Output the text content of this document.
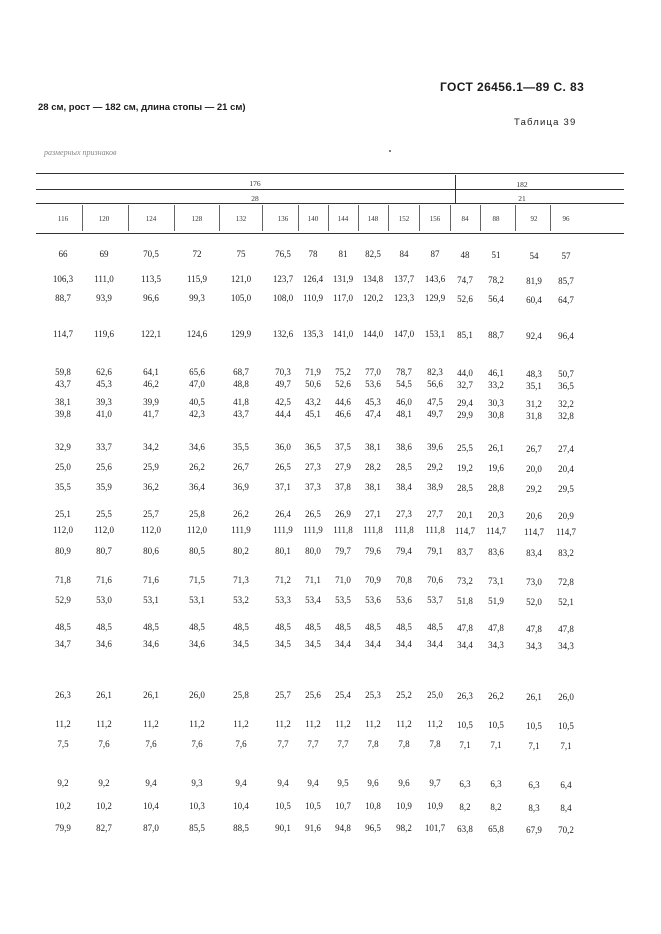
ГОСТ 26456.1—89 С. 83
28 см, рост — 182 см, длина стопы — 21 см)
Таблица 39
размерных признаков
176	182
28	21
116	120	124	128	132	136	140	144	148	152	156	84	88	92	96
66	69	70,5	72	75	76,5	78	81	82,5	84	87	48	51	54	57
106,3	111,0	113,5	115,9	121,0	123,7	126,4	131,9	134,8	137,7	143,6	74,7	78,2	81,9	85,7
88,7	93,9	96,6	99,3	105,0	108,0	110,9	117,0	120,2	123,3	129,9	52,6	56,4	60,4	64,7
114,7	119,6	122,1	124,6	129,9	132,6	135,3	141,0	144,0	147,0	153,1	85,1	88,7	92,4	96,4
59,8	62,6	64,1	65,6	68,7	70,3	71,9	75,2	77,0	78,7	82,3	44,0	46,1	48,3	50,7
43,7	45,3	46,2	47,0	48,8	49,7	50,6	52,6	53,6	54,5	56,6	32,7	33,2	35,1	36,5
38,1	39,3	39,9	40,5	41,8	42,5	43,2	44,6	45,3	46,0	47,5	29,4	30,3	31,2	32,2
39,8	41,0	41,7	42,3	43,7	44,4	45,1	46,6	47,4	48,1	49,7	29,9	30,8	31,8	32,8
32,9	33,7	34,2	34,6	35,5	36,0	36,5	37,5	38,1	38,6	39,6	25,5	26,1	26,7	27,4
25,0	25,6	25,9	26,2	26,7	26,5	27,3	27,9	28,2	28,5	29,2	19,2	19,6	20,0	20,4
35,5	35,9	36,2	36,4	36,9	37,1	37,3	37,8	38,1	38,4	38,9	28,5	28,8	29,2	29,5
25,1	25,5	25,7	25,8	26,2	26,4	26,5	26,9	27,1	27,3	27,7	20,1	20,3	20,6	20,9
112,0	112,0	112,0	112,0	111,9	111,9	111,9	111,8	111,8	111,8	111,8	114,7	114,7	114,7	114,7
80,9	80,7	80,6	80,5	80,2	80,1	80,0	79,7	79,6	79,4	79,1	83,7	83,6	83,4	83,2
71,8	71,6	71,6	71,5	71,3	71,2	71,1	71,0	70,9	70,8	70,6	73,2	73,1	73,0	72,8
52,9	53,0	53,1	53,1	53,2	53,3	53,4	53,5	53,6	53,6	53,7	51,8	51,9	52,0	52,1
48,5	48,5	48,5	48,5	48,5	48,5	48,5	48,5	48,5	48,5	48,5	47,8	47,8	47,8	47,8
34,7	34,6	34,6	34,6	34,5	34,5	34,5	34,4	34,4	34,4	34,4	34,4	34,3	34,3	34,3
26,3	26,1	26,1	26,0	25,8	25,7	25,6	25,4	25,3	25,2	25,0	26,3	26,2	26,1	26,0
11,2	11,2	11,2	11,2	11,2	11,2	11,2	11,2	11,2	11,2	11,2	10,5	10,5	10,5	10,5
7,5	7,6	7,6	7,6	7,6	7,7	7,7	7,7	7,8	7,8	7,8	7,1	7,1	7,1	7,1
9,2	9,2	9,4	9,3	9,4	9,4	9,4	9,5	9,6	9,6	9,7	6,3	6,3	6,3	6,4
10,2	10,2	10,4	10,3	10,4	10,5	10,5	10,7	10,8	10,9	10,9	8,2	8,2	8,3	8,4
79,9	82,7	87,0	85,5	88,5	90,1	91,6	94,8	96,5	98,2	101,7	63,8	65,8	67,9	70,2
